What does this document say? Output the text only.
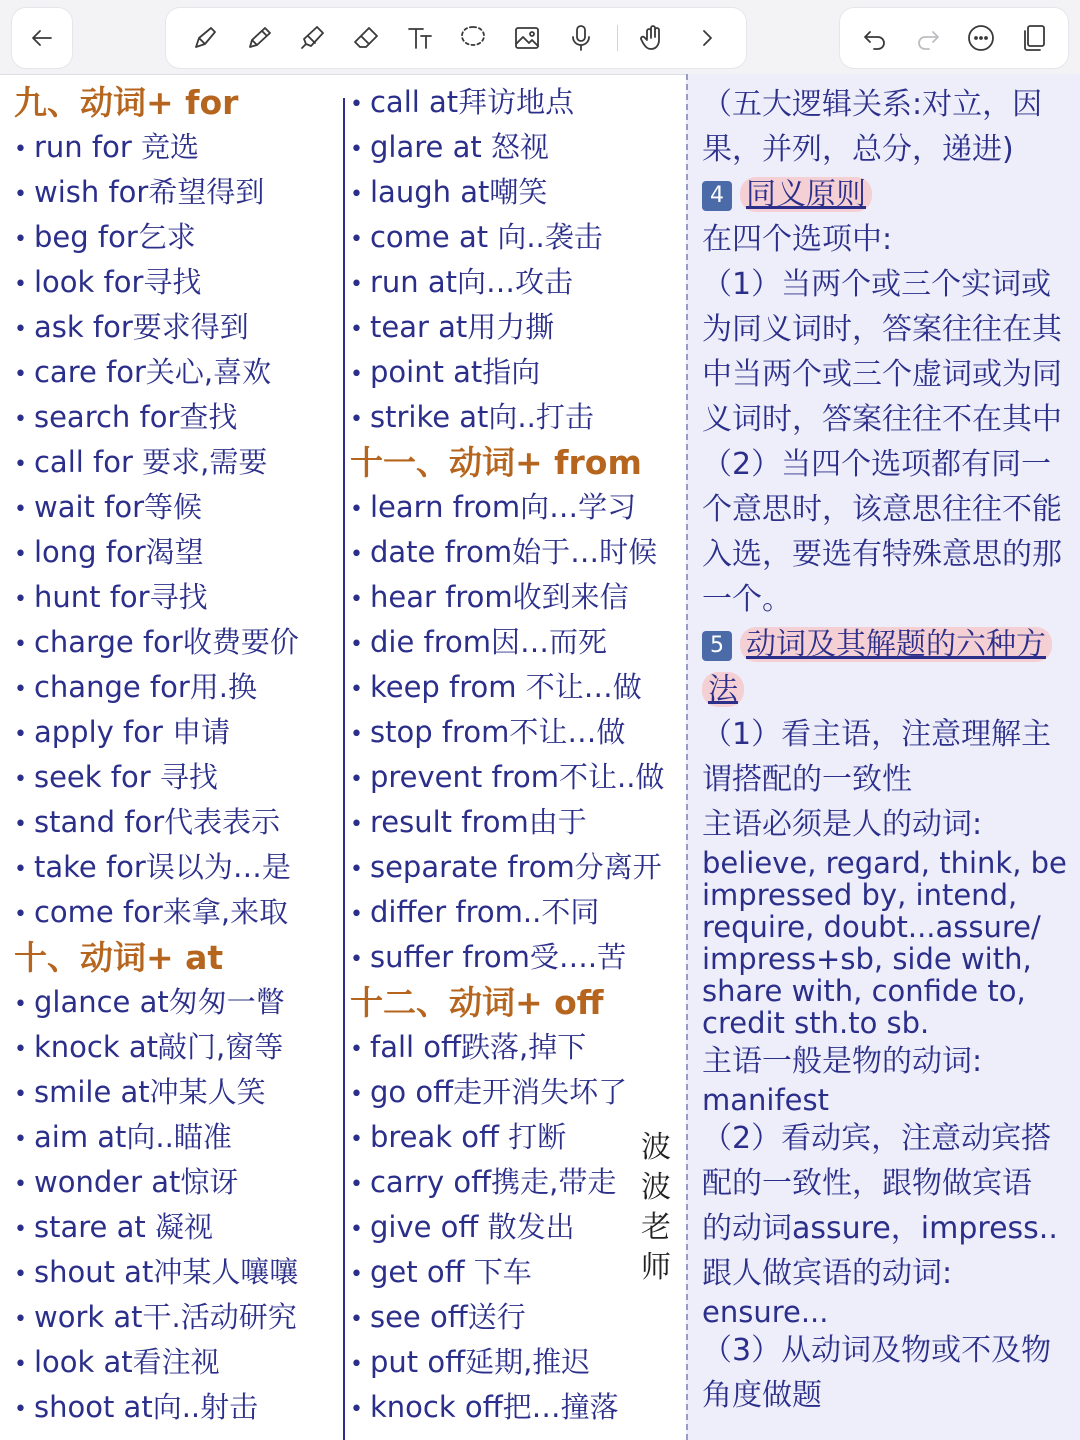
九、动词+ for
• run for 竞选
• wish for希望得到
• beg for乞求
• look for寻找
• ask for要求得到
• care for关心,喜欢
• search for查找
• call for 要求,需要
• wait for等候
• long for渴望
• hunt for寻找
• charge for收费要价
• change for用.换
• apply for 申请
• seek for 寻找
• stand for代表表示
• take for误以为…是
• come for来拿,来取
十、动词+ at
• glance at匆匆一瞥
• knock at敲门,窗等
• smile at冲某人笑
• aim at向..瞄准
• wonder at惊讶
• stare at 凝视
• shout at冲某人嚷嚷
• work at干.活动研究
• look at看注视
• shoot at向..射击
• call at拜访地点
• glare at 怒视
• laugh at嘲笑
• come at 向..袭击
• run at向…攻击
• tear at用力撕
• point at指向
• strike at向..打击
十一、动词+ from
• learn from向…学习
• date from始于…时候
• hear from收到来信
• die from因…而死
• keep from 不让…做
• stop from不让…做
• prevent from不让..做
• result from由于
• separate from分离开
• differ from..不同
• suffer from受….苦
十二、动词+ off
• fall off跌落,掉下
• go off走开消失坏了
• break off 打断
• carry off携走,带走
• give off 散发出
• get off 下车
• see off送行
• put off延期,推迟
• knock off把…撞落
波
波
老
师

（五大逻辑关系:对立，因

果，并列，总分，递进)

4 同义原则

在四个选项中:

（1）当两个或三个实词或

为同义词时，答案往往在其

中当两个或三个虚词或为同

义词时，答案往往不在其中

（2）当四个选项都有同一

个意思时，该意思往往不能

入选，要选有特殊意思的那

一个。

5 动词及其解题的六种方

法

（1）看主语，注意理解主

谓搭配的一致性

主语必须是人的动词:

believe, regard, think, be

impressed by, intend,

require, doubt...assure/

impress+sb, side with,

share with, confide to,

credit sth.to sb.

主语一般是物的动词:

manifest

（2）看动宾，注意动宾搭

配的一致性，跟物做宾语

的动词assure，impress..

跟人做宾语的动词:

ensure...

（3）从动词及物或不及物

角度做题
